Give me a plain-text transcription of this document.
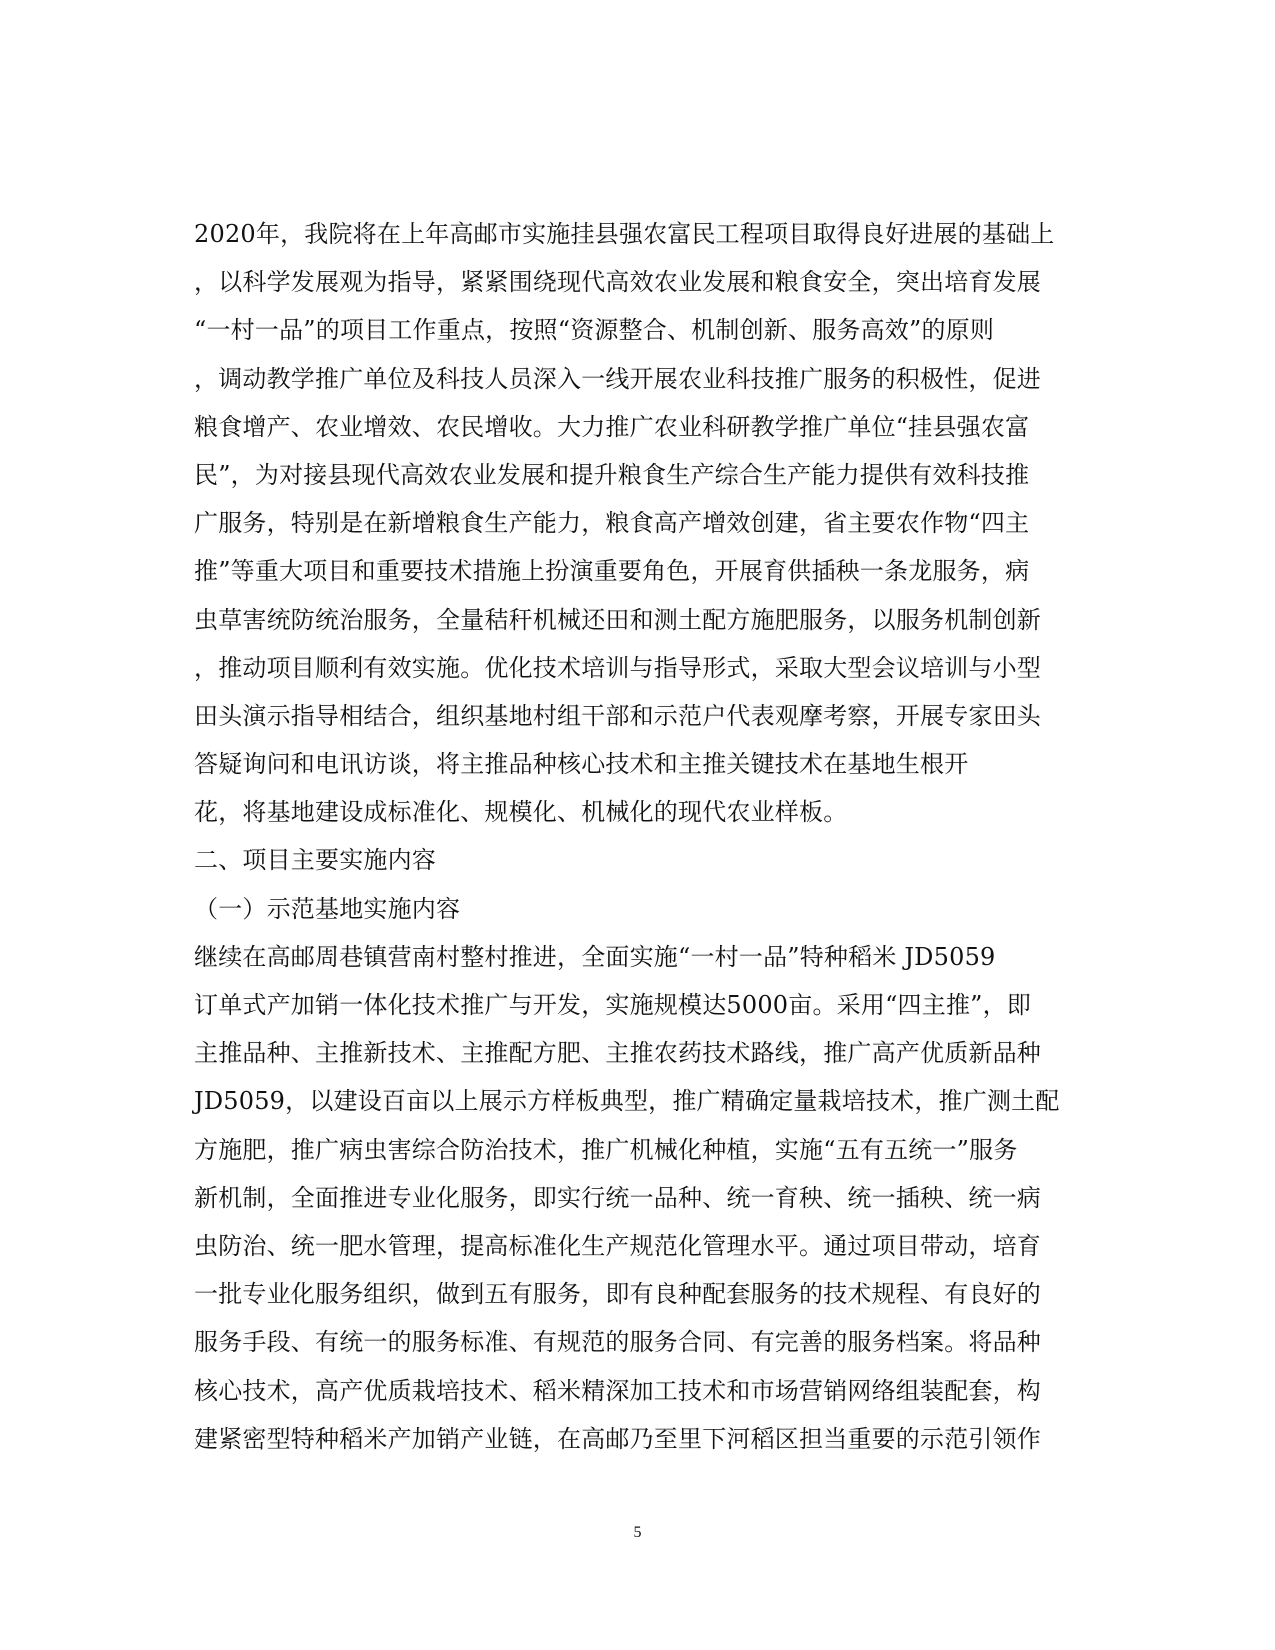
2020年，我院将在上年高邮市实施挂县强农富民工程项目取得良好进展的基础上
，以科学发展观为指导，紧紧围绕现代高效农业发展和粮食安全，突出培育发展
“一村一品”的项目工作重点，按照“资源整合、机制创新、服务高效”的原则
，调动教学推广单位及科技人员深入一线开展农业科技推广服务的积极性，促进
粮食增产、农业增效、农民增收。大力推广农业科研教学推广单位“挂县强农富
民”，为对接县现代高效农业发展和提升粮食生产综合生产能力提供有效科技推
广服务，特别是在新增粮食生产能力，粮食高产增效创建，省主要农作物“四主
推”等重大项目和重要技术措施上扮演重要角色，开展育供插秧一条龙服务，病
虫草害统防统治服务，全量秸秆机械还田和测土配方施肥服务，以服务机制创新
，推动项目顺利有效实施。优化技术培训与指导形式，采取大型会议培训与小型
田头演示指导相结合，组织基地村组干部和示范户代表观摩考察，开展专家田头
答疑询问和电讯访谈，将主推品种核心技术和主推关键技术在基地生根开
花，将基地建设成标准化、规模化、机械化的现代农业样板。
二、项目主要实施内容
（一）示范基地实施内容
继续在高邮周巷镇营南村整村推进，全面实施“一村一品”特种稻米 JD5059
订单式产加销一体化技术推广与开发，实施规模达5000亩。采用“四主推”，即
主推品种、主推新技术、主推配方肥、主推农药技术路线，推广高产优质新品种
JD5059，以建设百亩以上展示方样板典型，推广精确定量栽培技术，推广测土配
方施肥，推广病虫害综合防治技术，推广机械化种植，实施“五有五统一”服务
新机制，全面推进专业化服务，即实行统一品种、统一育秧、统一插秧、统一病
虫防治、统一肥水管理，提高标准化生产规范化管理水平。通过项目带动，培育
一批专业化服务组织，做到五有服务，即有良种配套服务的技术规程、有良好的
服务手段、有统一的服务标准、有规范的服务合同、有完善的服务档案。将品种
核心技术，高产优质栽培技术、稻米精深加工技术和市场营销网络组装配套，构
建紧密型特种稻米产加销产业链，在高邮乃至里下河稻区担当重要的示范引领作
5
